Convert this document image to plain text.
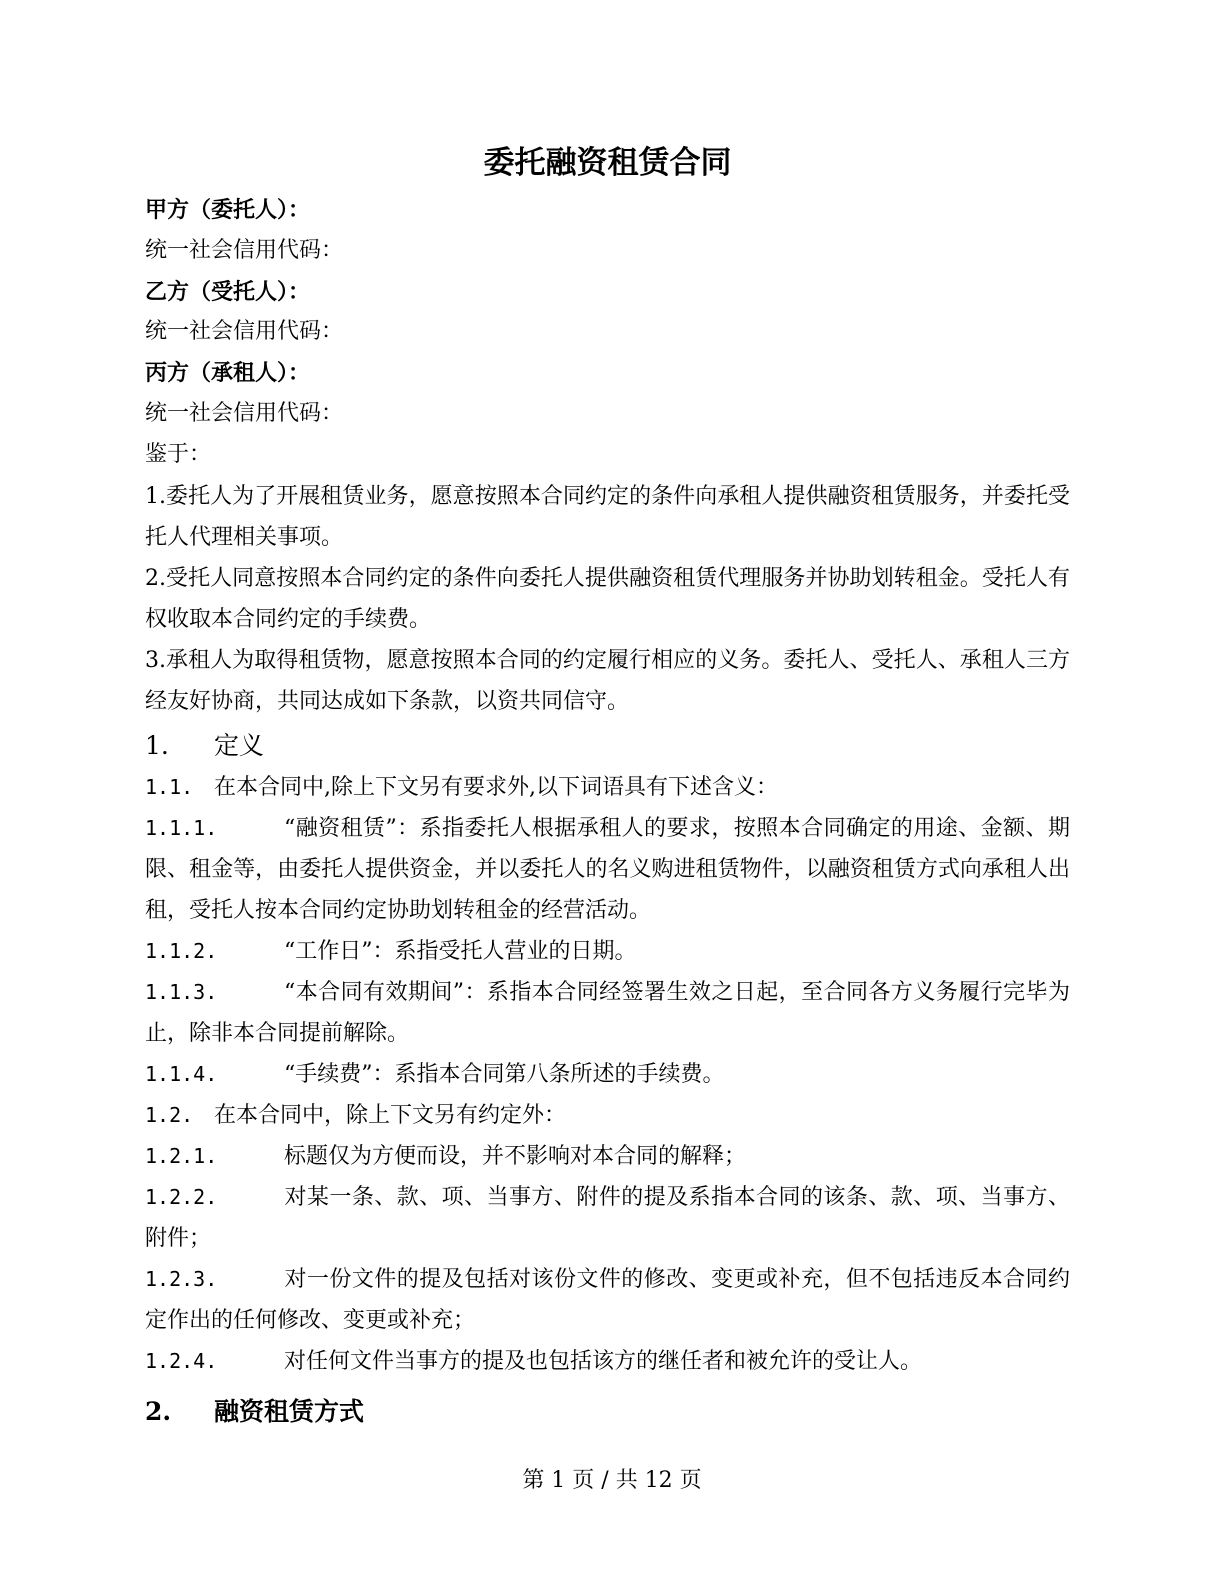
委托融资租赁合同
甲方（委托人）：
统一社会信用代码：
乙方（受托人）：
统一社会信用代码：
丙方（承租人）：
统一社会信用代码：
鉴于：
1.委托人为了开展租赁业务，愿意按照本合同约定的条件向承租人提供融资租赁服务，并委托受托人代理相关事项。
2.受托人同意按照本合同约定的条件向委托人提供融资租赁代理服务并协助划转租金。受托人有权收取本合同约定的手续费。
3.承租人为取得租赁物，愿意按照本合同的约定履行相应的义务。委托人、受托人、承租人三方经友好协商，共同达成如下条款，以资共同信守。
1. 定义
1.1. 在本合同中,除上下文另有要求外,以下词语具有下述含义：
1.1.1.	“融资租赁”：系指委托人根据承租人的要求，按照本合同确定的用途、金额、期限、租金等，由委托人提供资金，并以委托人的名义购进租赁物件，以融资租赁方式向承租人出租，受托人按本合同约定协助划转租金的经营活动。
1.1.2.	“工作日”：系指受托人营业的日期。
1.1.3.	“本合同有效期间”：系指本合同经签署生效之日起，至合同各方义务履行完毕为止，除非本合同提前解除。
1.1.4.	“手续费”：系指本合同第八条所述的手续费。
1.2. 在本合同中，除上下文另有约定外：
1.2.1.	标题仅为方便而设，并不影响对本合同的解释；
1.2.2.	对某一条、款、项、当事方、附件的提及系指本合同的该条、款、项、当事方、附件；
1.2.3.	对一份文件的提及包括对该份文件的修改、变更或补充，但不包括违反本合同约定作出的任何修改、变更或补充；
1.2.4.	对任何文件当事方的提及也包括该方的继任者和被允许的受让人。
2. 融资租赁方式
第 1 页 / 共 12 页
